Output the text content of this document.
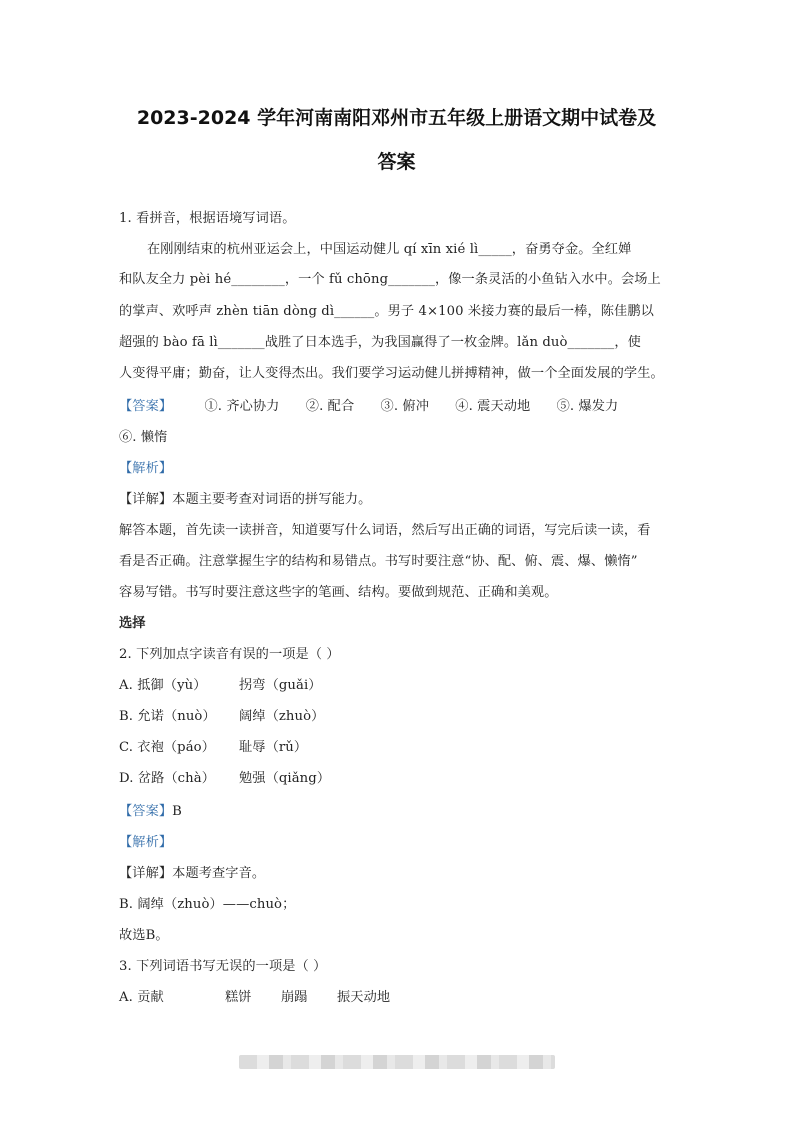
2023-2024 学年河南南阳邓州市五年级上册语文期中试卷及
答案
1. 看拼音，根据语境写词语。
在刚刚结束的杭州亚运会上，中国运动健儿 qí xīn xié lì_____，奋勇夺金。全红婵
和队友全力 pèi hé________，一个 fǔ chōng_______，像一条灵活的小鱼钻入水中。会场上
的掌声、欢呼声 zhèn tiān dòng dì______。男子 4×100 米接力赛的最后一棒，陈佳鹏以
超强的 bào fā lì_______战胜了日本选手，为我国赢得了一枚金牌。lǎn duò_______，使
人变得平庸；勤奋，让人变得杰出。我们要学习运动健儿拼搏精神，做一个全面发展的学生。
【答案】 ①. 齐心协力 ②. 配合 ③. 俯冲 ④. 震天动地 ⑤. 爆发力
⑥. 懒惰
【解析】
【详解】本题主要考查对词语的拼写能力。
解答本题，首先读一读拼音，知道要写什么词语，然后写出正确的词语，写完后读一读，看
看是否正确。注意掌握生字的结构和易错点。书写时要注意“协、配、俯、震、爆、懒惰”
容易写错。书写时要注意这些字的笔画、结构。要做到规范、正确和美观。
选择
2. 下列加点字读音有误的一项是（ ）
A. 抵御（yù） 拐弯（guǎi）
B. 允诺（nuò） 阔绰（zhuò）
C. 衣袍（páo） 耻辱（rǔ）
D. 岔路（chà） 勉强（qiǎng）
【答案】B
【解析】
【详解】本题考查字音。
B. 阔绰（zhuò）——chuò；
故选B。
3. 下列词语书写无误的一项是（ ）
A. 贡献	糕饼 崩蹋 振天动地
